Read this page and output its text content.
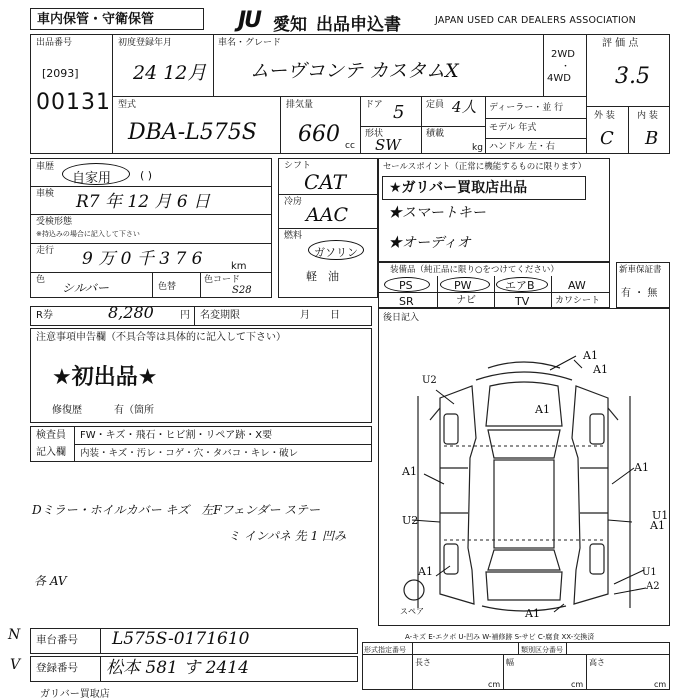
車内保管・守衛保管	JU 愛知 出品申込書	JAPAN USED CAR DEALERS ASSOCIATION
出品番号
[2093]
00131
初度登録年月
24 12月
車名・グレード
ムーヴコンテ カスタムX
2WD
・
4WD
評 価 点
3.5
外 装 内 装
C B
型式
DBA-L575S
排気量
660 cc
ドア 5 定員 4人
形状
SW
積載
kg
ディーラー・並 行
モデル 年式
ハンドル 左・右
車歴
自家用	( )
車検 R7 年 12 月 6 日
受検形態
※持込みの場合に記入して下さい
走行 9 万 0 千 3 7 6	km
色
シルバー	色替
色コード
S28
シフト
CAT
冷房
AAC
燃料
ガソリン
軽　油
セールスポイント（正常に機能するものに限ります）
★ガリバー買取店出品
★スマートキー
★オーディオ
装備品（純正品に限り○をつけてください）
PS	PW	エアB	AW
SR	ナビ	TV	カワシート
新車保証書
有 ・ 無
R券	8,280	円 名変期限	月　　日
注意事項申告欄（不具合等は具体的に記入して下さい）
★初出品★
修復歴	有（箇所
検査員
記入欄
FW・キズ・飛石・ヒビ割・リペア跡・X要
内装・キズ・汚レ・コゲ・穴・タバコ・キレ・破レ
Dミラー・ホイルカバー キズ　左Fフェンダー ステー
ミ インパネ 先 1 凹み
各 AV
後日記入
A1
A1
A1
A1
U2
U2
A1
A1	U1
A2
U1
A1
A1
スペア
A-キズ E-エクボ U-凹み W-補修跡 S-サビ C-腐食 XX-交換済
車台番号 L575S-0171610
N
登録番号 松本 581 す 2414
V
形式指定番号	類別区分番号
長さ	幅	高さ
cm	cm	cm
ガリバー買取店
